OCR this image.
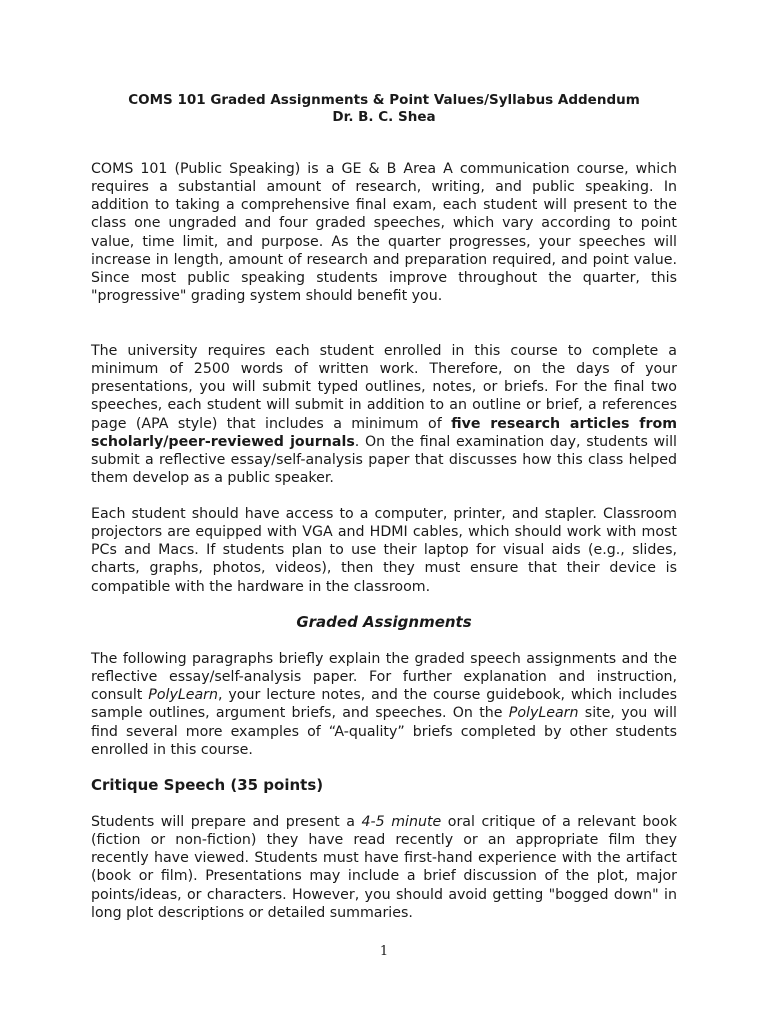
COMS 101 Graded Assignments & Point Values/Syllabus Addendum
Dr. B. C. Shea

COMS 101 (Public Speaking) is a GE & B Area A communication course, which requires a substantial amount of research, writing, and public speaking. In addition to taking a comprehensive final exam, each student will present to the class one ungraded and four graded speeches, which vary according to point value, time limit, and purpose. As the quarter progresses, your speeches will increase in length, amount of research and preparation required, and point value. Since most public speaking students improve throughout the quarter, this "progressive" grading system should benefit you.

The university requires each student enrolled in this course to complete a minimum of 2500 words of written work. Therefore, on the days of your presentations, you will submit typed outlines, notes, or briefs. For the final two speeches, each student will submit in addition to an outline or brief, a references page (APA style) that includes a minimum of five research articles from scholarly/peer-reviewed journals. On the final examination day, students will submit a reflective essay/self-analysis paper that discusses how this class helped them develop as a public speaker.

Each student should have access to a computer, printer, and stapler. Classroom projectors are equipped with VGA and HDMI cables, which should work with most PCs and Macs. If students plan to use their laptop for visual aids (e.g., slides, charts, graphs, photos, videos), then they must ensure that their device is compatible with the hardware in the classroom.

Graded Assignments

The following paragraphs briefly explain the graded speech assignments and the reflective essay/self-analysis paper. For further explanation and instruction, consult PolyLearn, your lecture notes, and the course guidebook, which includes sample outlines, argument briefs, and speeches. On the PolyLearn site, you will find several more examples of “A-quality” briefs completed by other students enrolled in this course.

Critique Speech (35 points)

Students will prepare and present a 4-5 minute oral critique of a relevant book (fiction or non-fiction) they have read recently or an appropriate film they recently have viewed. Students must have first-hand experience with the artifact (book or film). Presentations may include a brief discussion of the plot, major points/ideas, or characters. However, you should avoid getting "bogged down" in long plot descriptions or detailed summaries.

1
